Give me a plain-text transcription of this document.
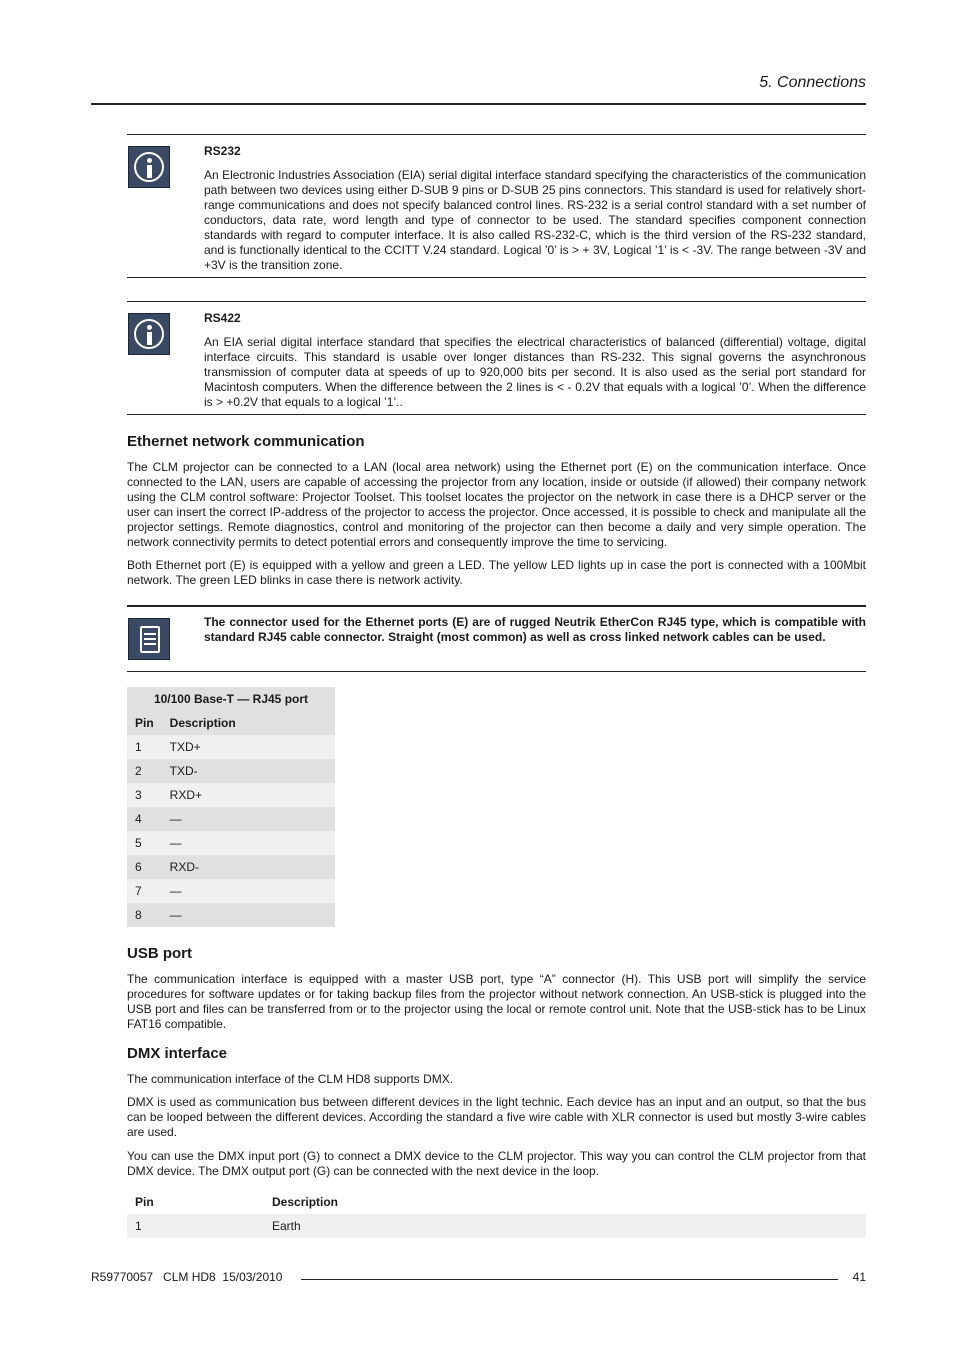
5. Connections
RS232
An Electronic Industries Association (EIA) serial digital interface standard specifying the characteristics of the communication path between two devices using either D-SUB 9 pins or D-SUB 25 pins connectors. This standard is used for relatively short-range communications and does not specify balanced control lines. RS-232 is a serial control standard with a set number of conductors, data rate, word length and type of connector to be used. The standard specifies component connection standards with regard to computer interface. It is also called RS-232-C, which is the third version of the RS-232 standard, and is functionally identical to the CCITT V.24 standard. Logical ’0’ is > + 3V, Logical ’1’ is < -3V. The range between -3V and +3V is the transition zone.
RS422
An EIA serial digital interface standard that specifies the electrical characteristics of balanced (differential) voltage, digital interface circuits. This standard is usable over longer distances than RS-232. This signal governs the asynchronous transmission of computer data at speeds of up to 920,000 bits per second. It is also used as the serial port standard for Macintosh computers. When the difference between the 2 lines is < - 0.2V that equals with a logical ’0’. When the difference is > +0.2V that equals to a logical ’1’..
Ethernet network communication

The CLM projector can be connected to a LAN (local area network) using the Ethernet port (E) on the communication interface. Once connected to the LAN, users are capable of accessing the projector from any location, inside or outside (if allowed) their company network using the CLM control software: Projector Toolset. This toolset locates the projector on the network in case there is a DHCP server or the user can insert the correct IP-address of the projector to access the projector. Once accessed, it is possible to check and manipulate all the projector settings. Remote diagnostics, control and monitoring of the projector can then become a daily and very simple operation. The network connectivity permits to detect potential errors and consequently improve the time to servicing.

Both Ethernet port (E) is equipped with a yellow and green a LED. The yellow LED lights up in case the port is connected with a 100Mbit network. The green LED blinks in case there is network activity.

The connector used for the Ethernet ports (E) are of rugged Neutrik EtherCon RJ45 type, which is compatible with standard RJ45 cable connector. Straight (most common) as well as cross linked network cables can be used.
10/100 Base-T — RJ45 port	
Pin	Description
1	TXD+
2	TXD-
3	RXD+
4	—
5	—
6	RXD-
7	—
8	—
USB port

The communication interface is equipped with a master USB port, type “A” connector (H). This USB port will simplify the service procedures for software updates or for taking backup files from the projector without network connection. An USB-stick is plugged into the USB port and files can be transferred from or to the projector using the local or remote control unit. Note that the USB-stick has to be Linux FAT16 compatible.

DMX interface

The communication interface of the CLM HD8 supports DMX.

DMX is used as communication bus between different devices in the light technic. Each device has an input and an output, so that the bus can be looped between the different devices. According the standard a five wire cable with XLR connector is used but mostly 3-wire cables are used.

You can use the DMX input port (G) to connect a DMX device to the CLM projector. This way you can control the CLM projector from that DMX device. The DMX output port (G) can be connected with the next device in the loop.

Pin	Description
1	Earth
R59770057   CLM HD8  15/03/2010	41
